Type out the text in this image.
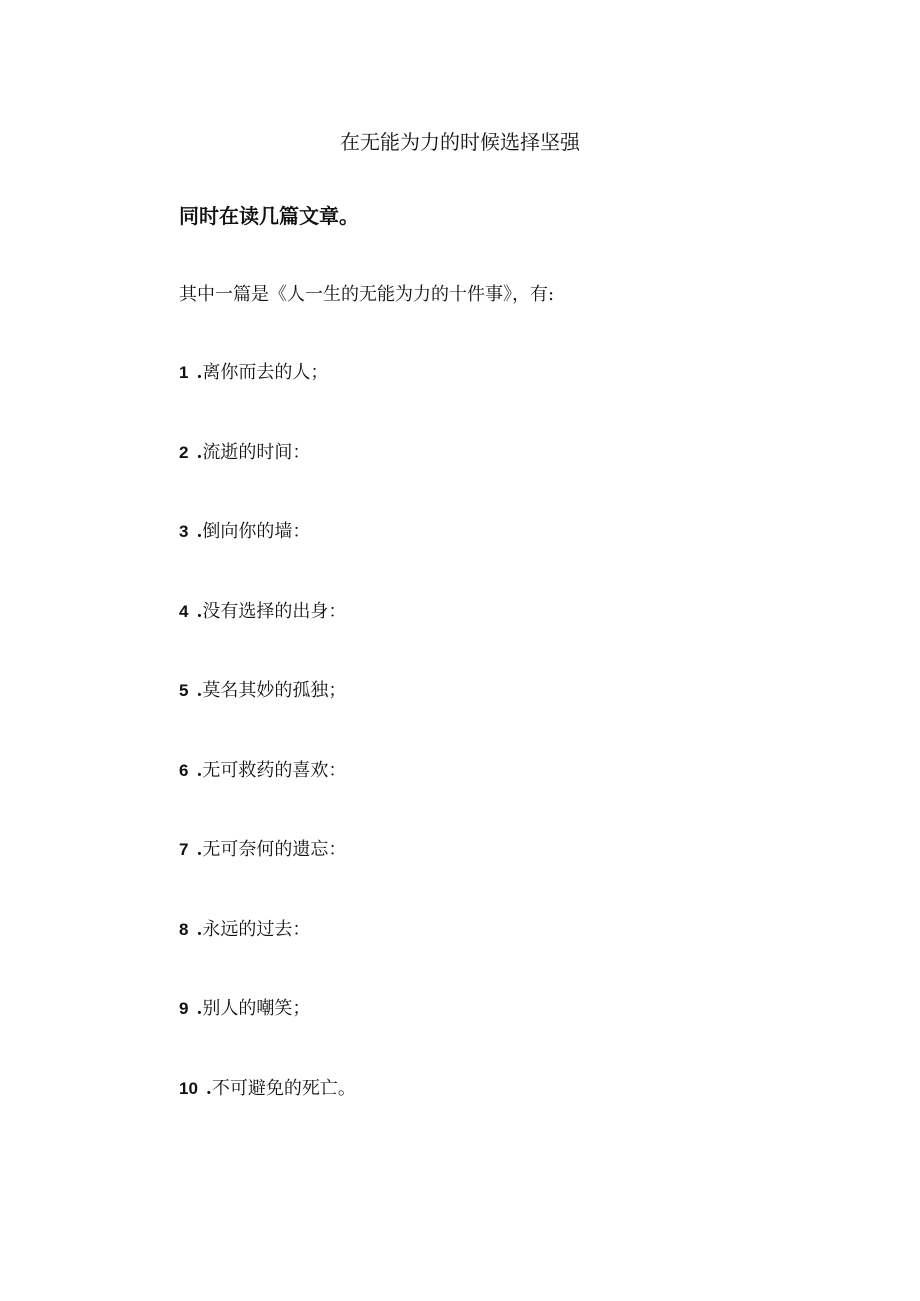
在无能为力的时候选择坚强
同时在读几篇文章。
其中一篇是《人一生的无能为力的十件事》，有:
1 . 离你而去的人；
2 . 流逝的时间：
3 . 倒向你的墙：
4 . 没有选择的出身：
5 . 莫名其妙的孤独；
6 . 无可救药的喜欢：
7 . 无可奈何的遗忘：
8 . 永远的过去：
9 . 别人的嘲笑；
10 . 不可避免的死亡。
